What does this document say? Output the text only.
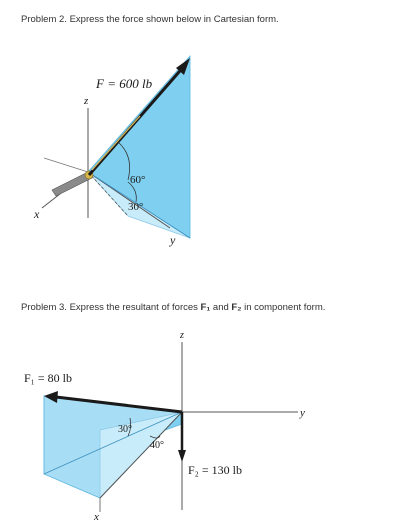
Problem 2. Express the force shown below in Cartesian form.
F = 600 lb
z
x
y
60°
30°
Problem 3. Express the resultant of forces F₁ and F₂ in component form.
F₁ = 80 lb
F₂ = 130 lb
z
y
x
30°
40°
